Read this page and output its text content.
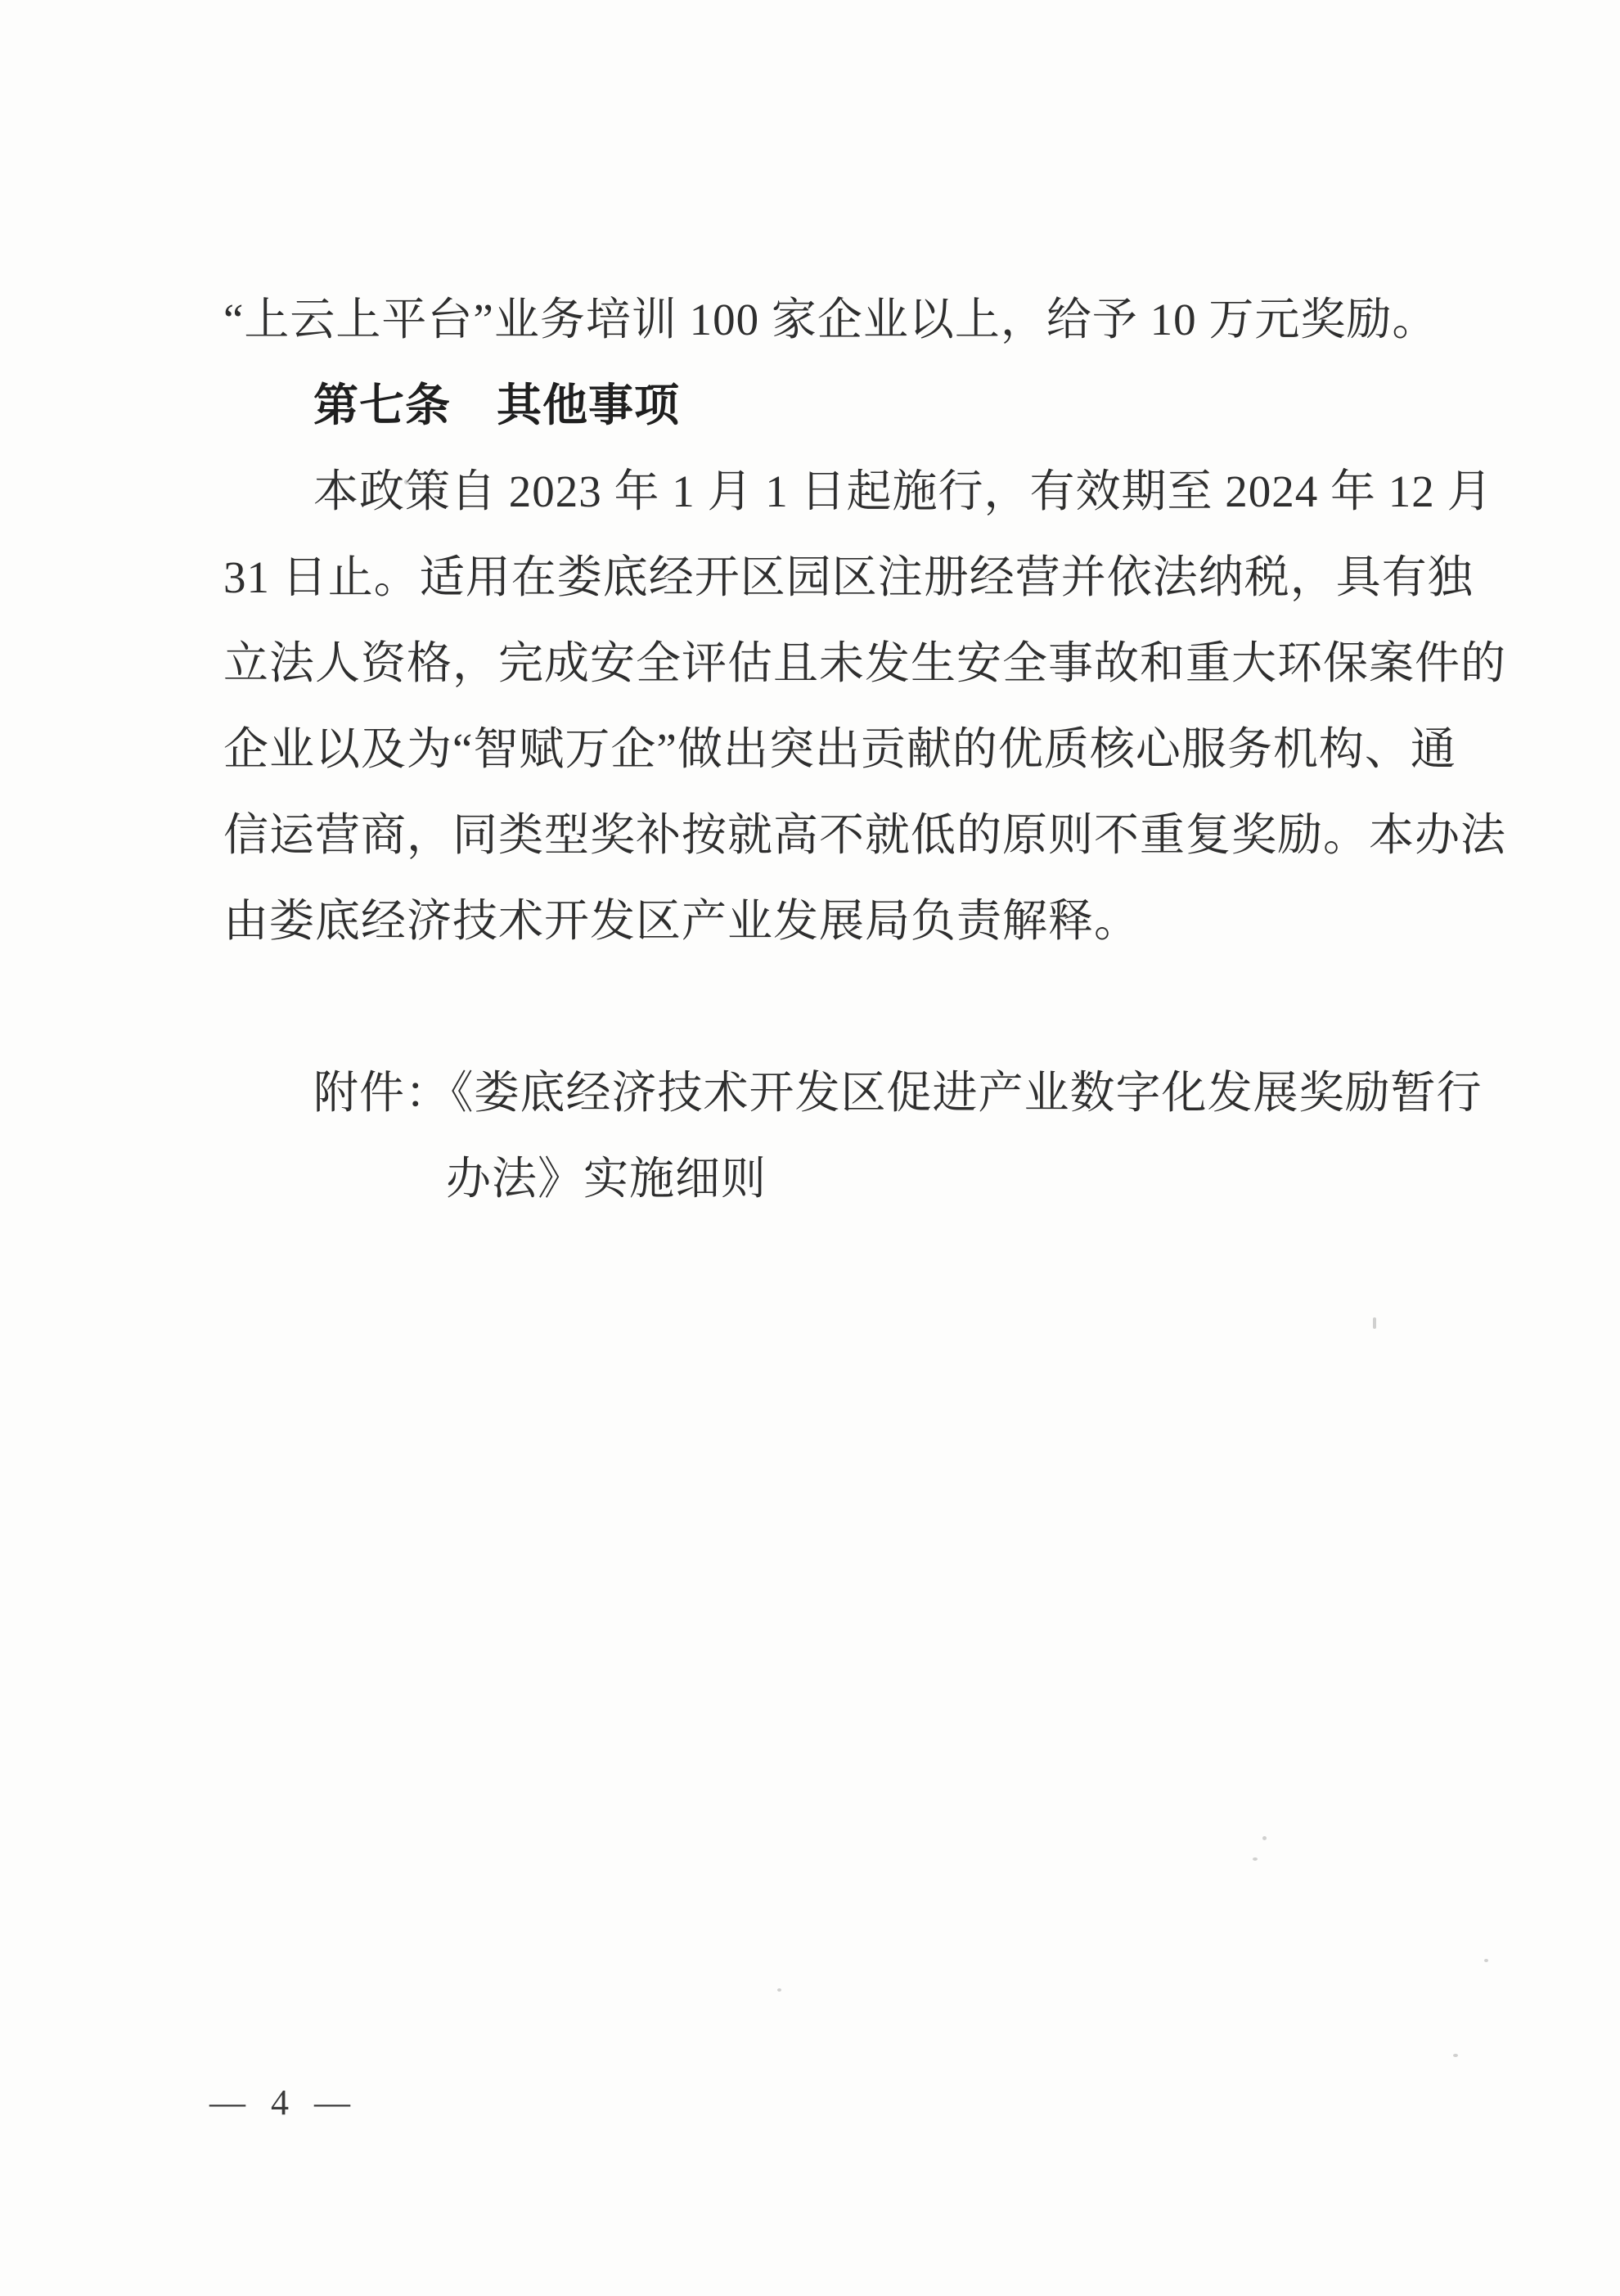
“上云上平台”业务培训 100 家企业以上，给予 10 万元奖励。
第七条　其他事项
本政策自 2023 年 1 月 1 日起施行，有效期至 2024 年 12 月
31 日止。适用在娄底经开区园区注册经营并依法纳税，具有独
立法人资格，完成安全评估且未发生安全事故和重大环保案件的
企业以及为“智赋万企”做出突出贡献的优质核心服务机构、通
信运营商，同类型奖补按就高不就低的原则不重复奖励。本办法
由娄底经济技术开发区产业发展局负责解释。
附件：《娄底经济技术开发区促进产业数字化发展奖励暂行
办法》实施细则
— 4 —
